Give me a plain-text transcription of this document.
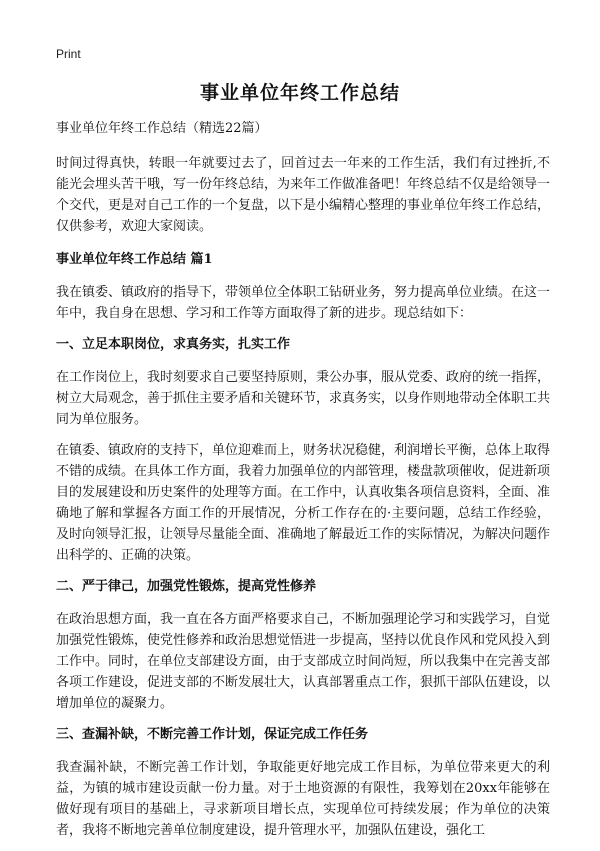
Print
事业单位年终工作总结

事业单位年终工作总结（精选22篇）

时间过得真快，转眼一年就要过去了，回首过去一年来的工作生活，我们有过挫折,不能光会埋头苦干哦，写一份年终总结，为来年工作做准备吧！年终总结不仅是给领导一个交代，更是对自己工作的一个复盘，以下是小编精心整理的事业单位年终工作总结，仅供参考，欢迎大家阅读。

事业单位年终工作总结 篇1

我在镇委、镇政府的指导下，带领单位全体职工钻研业务，努力提高单位业绩。在这一年中，我自身在思想、学习和工作等方面取得了新的进步。现总结如下：

一、立足本职岗位，求真务实，扎实工作

在工作岗位上，我时刻要求自己要坚持原则，秉公办事，服从党委、政府的统一指挥，树立大局观念，善于抓住主要矛盾和关键环节，求真务实，以身作则地带动全体职工共同为单位服务。

在镇委、镇政府的支持下，单位迎难而上，财务状况稳健，利润增长平衡，总体上取得不错的成绩。在具体工作方面，我着力加强单位的内部管理，楼盘款项催收，促进新项目的发展建设和历史案件的处理等方面。在工作中，认真收集各项信息资料，全面、准确地了解和掌握各方面工作的开展情况，分析工作存在的·主要问题，总结工作经验，及时向领导汇报，让领导尽量能全面、准确地了解最近工作的实际情况，为解决问题作出科学的、正确的决策。

二、严于律己，加强党性锻炼，提高党性修养

在政治思想方面，我一直在各方面严格要求自己，不断加强理论学习和实践学习，自觉加强党性锻炼，使党性修养和政治思想觉悟进一步提高，坚持以优良作风和党风投入到工作中。同时，在单位支部建设方面，由于支部成立时间尚短，所以我集中在完善支部各项工作建设，促进支部的不断发展壮大，认真部署重点工作，狠抓干部队伍建设，以增加单位的凝聚力。

三、查漏补缺，不断完善工作计划，保证完成工作任务

我查漏补缺，不断完善工作计划，争取能更好地完成工作目标，为单位带来更大的利益，为镇的城市建设贡献一份力量。对于土地资源的有限性，我筹划在20xx年能够在做好现有项目的基础上，寻求新项目增长点，实现单位可持续发展；作为单位的决策者，我将不断地完善单位制度建设，提升管理水平，加强队伍建设，强化工
